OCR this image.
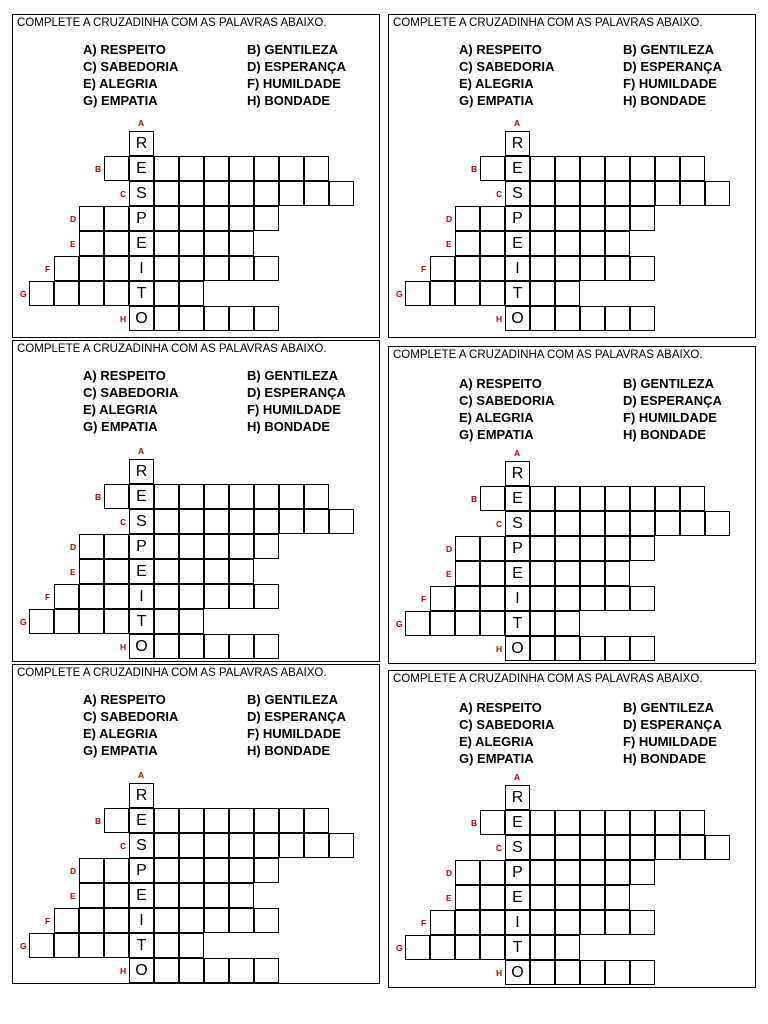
COMPLETE A CRUZADINHA COM AS PALAVRAS ABAIXO.
A) RESPEITO
C) SABEDORIA
E) ALEGRIA
G) EMPATIA
B) GENTILEZA
D) ESPERANÇA
F) HUMILDADE
H) BONDADE
A
R
E
B
S
C
P
D
E
E
I
F
T
G
O
H
COMPLETE A CRUZADINHA COM AS PALAVRAS ABAIXO.
A) RESPEITO
C) SABEDORIA
E) ALEGRIA
G) EMPATIA
B) GENTILEZA
D) ESPERANÇA
F) HUMILDADE
H) BONDADE
A
R
E
B
S
C
P
D
E
E
I
F
T
G
O
H
COMPLETE A CRUZADINHA COM AS PALAVRAS ABAIXO.
A) RESPEITO
C) SABEDORIA
E) ALEGRIA
G) EMPATIA
B) GENTILEZA
D) ESPERANÇA
F) HUMILDADE
H) BONDADE
A
R
E
B
S
C
P
D
E
E
I
F
T
G
O
H
COMPLETE A CRUZADINHA COM AS PALAVRAS ABAIXO.
A) RESPEITO
C) SABEDORIA
E) ALEGRIA
G) EMPATIA
B) GENTILEZA
D) ESPERANÇA
F) HUMILDADE
H) BONDADE
A
R
E
B
S
C
P
D
E
E
I
F
T
G
O
H
COMPLETE A CRUZADINHA COM AS PALAVRAS ABAIXO.
A) RESPEITO
C) SABEDORIA
E) ALEGRIA
G) EMPATIA
B) GENTILEZA
D) ESPERANÇA
F) HUMILDADE
H) BONDADE
A
R
E
B
S
C
P
D
E
E
I
F
T
G
O
H
COMPLETE A CRUZADINHA COM AS PALAVRAS ABAIXO.
A) RESPEITO
C) SABEDORIA
E) ALEGRIA
G) EMPATIA
B) GENTILEZA
D) ESPERANÇA
F) HUMILDADE
H) BONDADE
A
R
E
B
S
C
P
D
E
E
I
F
T
G
O
H
